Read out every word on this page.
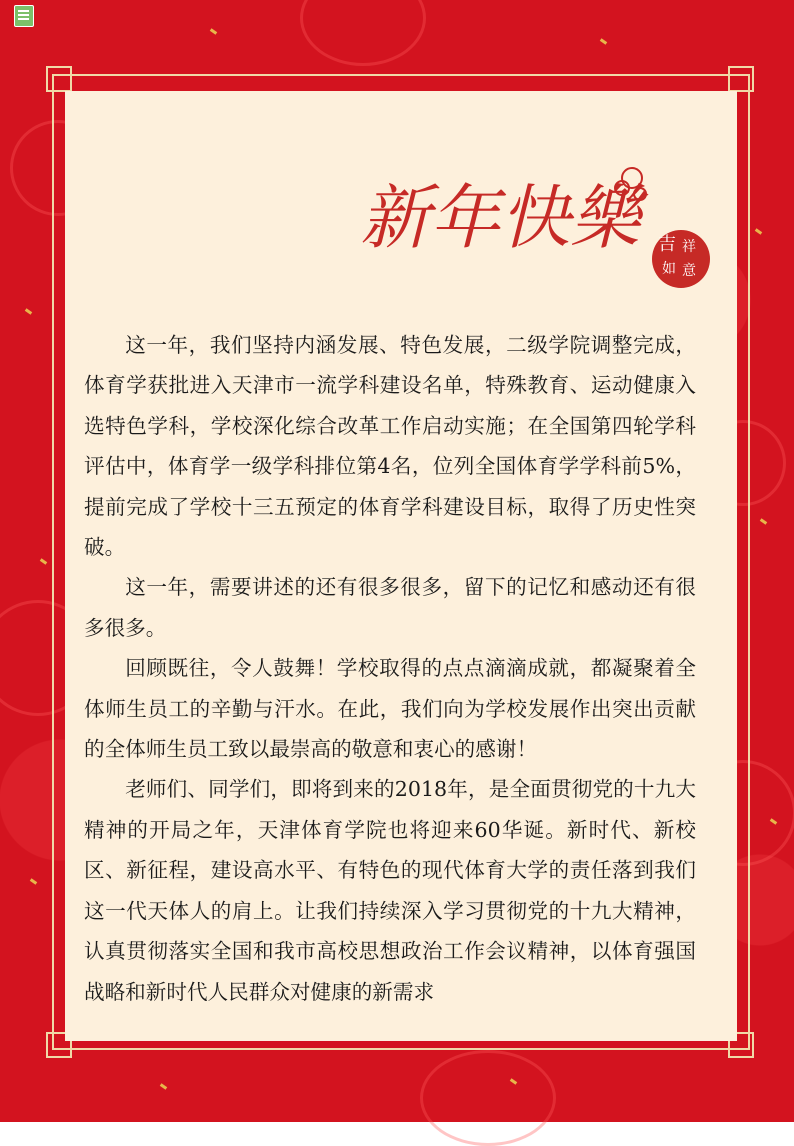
新年快樂	吉 祥
如 意

这一年，我们坚持内涵发展、特色发展，二级学院调整完成，体育学获批进入天津市一流学科建设名单，特殊教育、运动健康入选特色学科，学校深化综合改革工作启动实施；在全国第四轮学科评估中，体育学一级学科排位第4名，位列全国体育学学科前5%，提前完成了学校十三五预定的体育学科建设目标，取得了历史性突破。

这一年，需要讲述的还有很多很多，留下的记忆和感动还有很多很多。

回顾既往，令人鼓舞！学校取得的点点滴滴成就，都凝聚着全体师生员工的辛勤与汗水。在此，我们向为学校发展作出突出贡献的全体师生员工致以最崇高的敬意和衷心的感谢！

老师们、同学们，即将到来的2018年，是全面贯彻党的十九大精神的开局之年，天津体育学院也将迎来60华诞。新时代、新校区、新征程，建设高水平、有特色的现代体育大学的责任落到我们这一代天体人的肩上。让我们持续深入学习贯彻党的十九大精神，认真贯彻落实全国和我市高校思想政治工作会议精神，以体育强国战略和新时代人民群众对健康的新需求
